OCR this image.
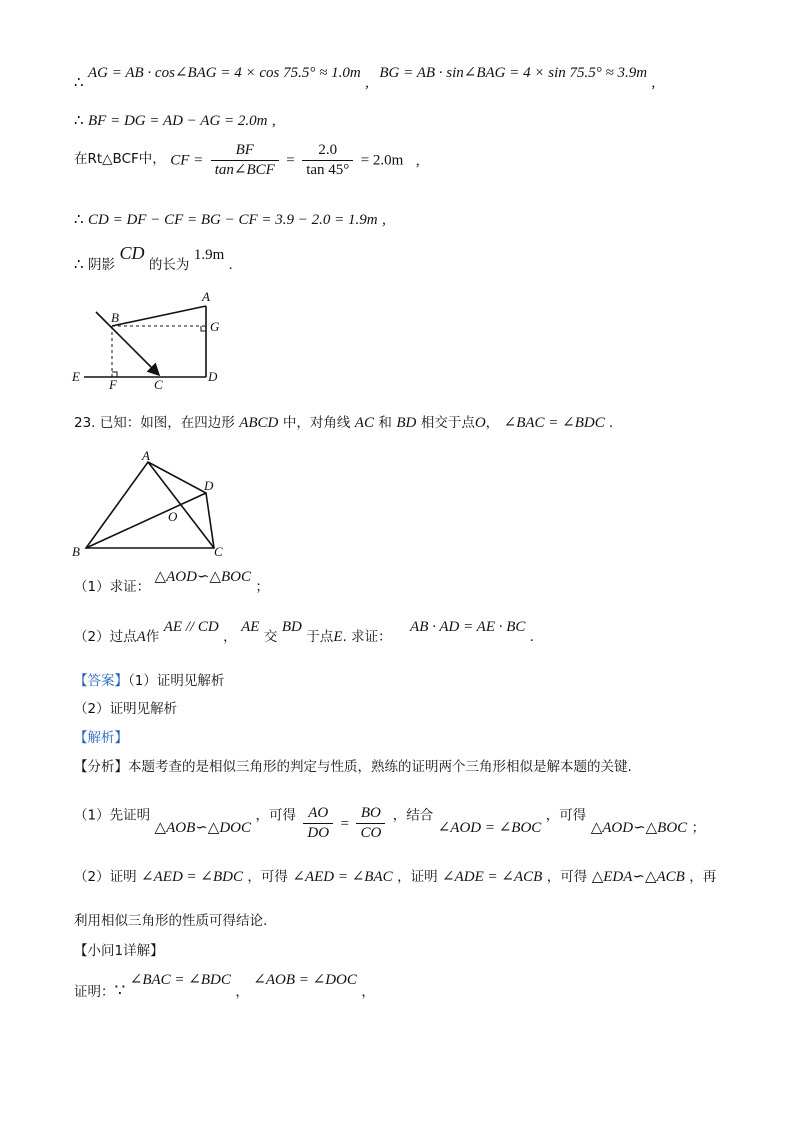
∴ AG = AB · cos∠BAG = 4 × cos 75.5° ≈ 1.0m , BG = AB · sin∠BAG = 4 × sin 75.5° ≈ 3.9m ,
∴ BF = DG = AD − AG = 2.0m ,
在Rt△BCF中， CF = $\frac{BF}{\text{tan∠BCF}} = \frac{2.0}{\tan 45^\circ} = 2.0m$ ,
∴ CD = DF − CF = BG − CF = 3.9 − 2.0 = 1.9m ,
∴ 阴影 CD 的长为 1.9m .
A
B
G
E
F	C
D
23. 已知：如图，在四边形 ABCD 中，对角线 AC 和 BD 相交于点O， ∠BAC = ∠BDC .
A
D
O
B	C
（1）求证： △AOD∽△BOC ；
（2）过点A作 AE // CD ， AE 交 BD 于点E. 求证： AB · AD = AE · BC .
【答案】（1）证明见解析
（2）证明见解析
【解析】
【分析】本题考查的是相似三角形的判定与性质，熟练的证明两个三角形相似是解本题的关键.
（1）先证明 △AOB∽△DOC ，可得 $\frac{AO}{DO} = \frac{BO}{CO}$ ，结合 ∠AOD = ∠BOC ，可得 △AOD∽△BOC ；
（2）证明 ∠AED = ∠BDC ，可得 ∠AED = ∠BAC ，证明 ∠ADE = ∠ACB ，可得 △EDA∽△ACB ，再
利用相似三角形的性质可得结论.
【小问1详解】
证明：∵ ∠BAC = ∠BDC ， ∠AOB = ∠DOC ，
